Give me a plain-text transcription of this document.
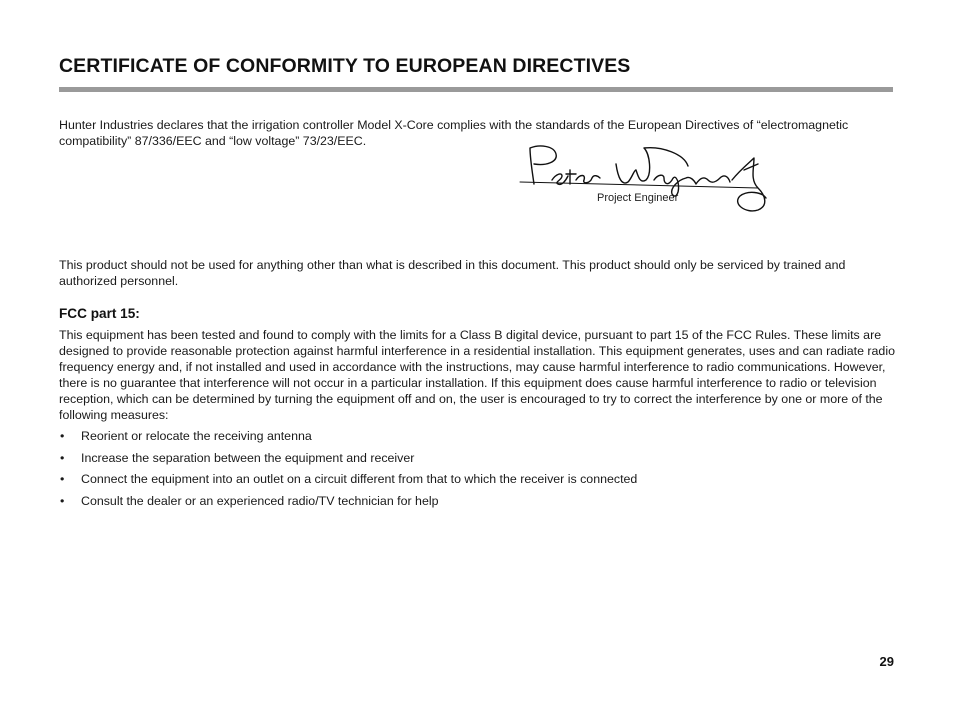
CERTIFICATE OF CONFORMITY TO EUROPEAN DIRECTIVES

Hunter Industries declares that the irrigation controller Model X-Core complies with the standards of the European Directives of “electromagnetic compatibility” 87/336/EEC and “low voltage” 73/23/EEC.

Project Engineer

This product should not be used for anything other than what is described in this document. This product should only be serviced by trained and authorized personnel.

FCC part 15:

This equipment has been tested and found to comply with the limits for a Class B digital device, pursuant to part 15 of the FCC Rules. These limits are designed to provide reasonable protection against harmful interference in a residential installation. This equipment generates, uses and can radiate radio frequency energy and, if not installed and used in accordance with the instructions, may cause harmful interference to radio communications. However, there is no guarantee that interference will not occur in a particular installation. If this equipment does cause harmful interference to radio or television reception, which can be determined by turning the equipment off and on, the user is encouraged to try to correct the interference by one or more of the following measures:

• Reorient or relocate the receiving antenna
• Increase the separation between the equipment and receiver
• Connect the equipment into an outlet on a circuit different from that to which the receiver is connected
• Consult the dealer or an experienced radio/TV technician for help
29
